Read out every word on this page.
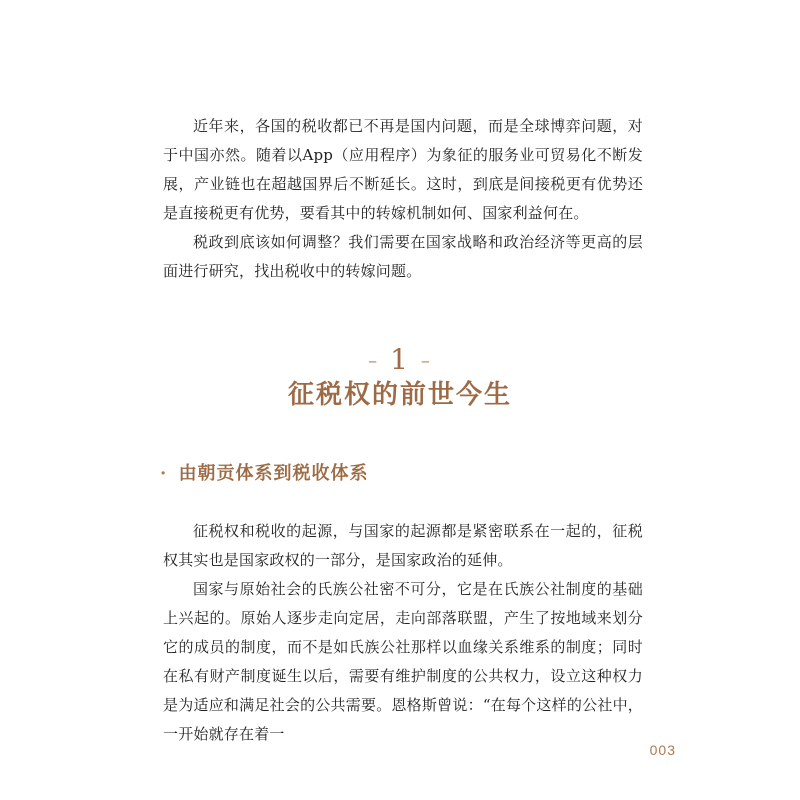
近年来，各国的税收都已不再是国内问题，而是全球博弈问题，对于中国亦然。随着以App（应用程序）为象征的服务业可贸易化不断发展，产业链也在超越国界后不断延长。这时，到底是间接税更有优势还是直接税更有优势，要看其中的转嫁机制如何、国家利益何在。

税政到底该如何调整？我们需要在国家战略和政治经济等更高的层面进行研究，找出税收中的转嫁问题。

– 1 –
征税权的前世今生
· 由朝贡体系到税收体系

征税权和税收的起源，与国家的起源都是紧密联系在一起的，征税权其实也是国家政权的一部分，是国家政治的延伸。

国家与原始社会的氏族公社密不可分，它是在氏族公社制度的基础上兴起的。原始人逐步走向定居，走向部落联盟，产生了按地域来划分它的成员的制度，而不是如氏族公社那样以血缘关系维系的制度；同时在私有财产制度诞生以后，需要有维护制度的公共权力，设立这种权力是为适应和满足社会的公共需要。恩格斯曾说：“在每个这样的公社中，一开始就存在着一

003
